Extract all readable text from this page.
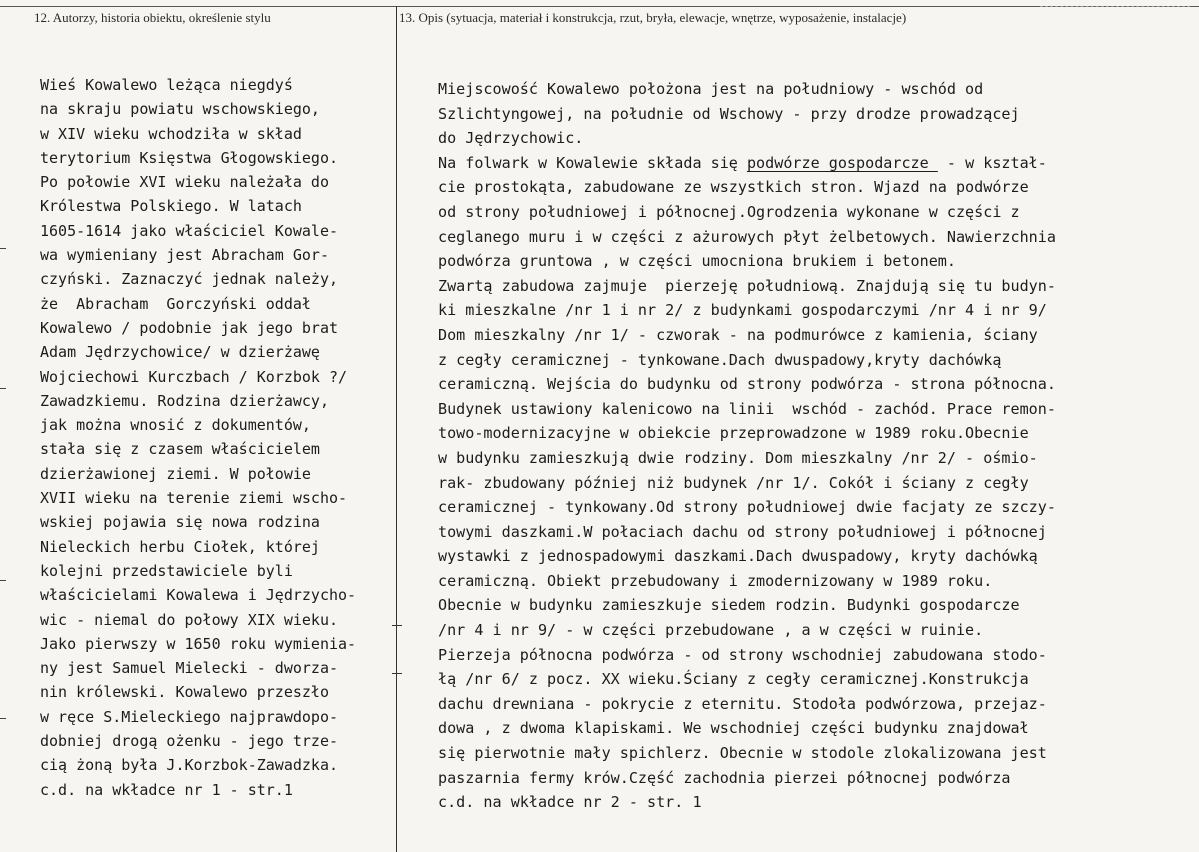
12. Autorzy, historia obiektu, określenie stylu	13. Opis (sytuacja, materiał i konstrukcja, rzut, bryła, elewacje, wnętrze, wyposażenie, instalacje)
Wieś Kowalewo leżąca niegdyś
na skraju powiatu wschowskiego,
w XIV wieku wchodziła w skład
terytorium Księstwa Głogowskiego.
Po połowie XVI wieku należała do
Królestwa Polskiego. W latach
1605-1614 jako właściciel Kowale-
wa wymieniany jest Abracham Gor-
czyński. Zaznaczyć jednak należy,
że  Abracham  Gorczyński oddał
Kowalewo / podobnie jak jego brat
Adam Jędrzychowice/ w dzierżawę
Wojciechowi Kurczbach / Korzbok ?/
Zawadzkiemu. Rodzina dzierżawcy,
jak można wnosić z dokumentów,
stała się z czasem właścicielem
dzierżawionej ziemi. W połowie
XVII wieku na terenie ziemi wscho-
wskiej pojawia się nowa rodzina
Nieleckich herbu Ciołek, której
kolejni przedstawiciele byli
właścicielami Kowalewa i Jędrzycho-
wic - niemal do połowy XIX wieku.
Jako pierwszy w 1650 roku wymienia-
ny jest Samuel Mielecki - dworza-
nin królewski. Kowalewo przeszło
w ręce S.Mieleckiego najprawdopo-
dobniej drogą ożenku - jego trze-
cią żoną była J.Korzbok-Zawadzka.
c.d. na wkładce nr 1 - str.1
Miejscowość Kowalewo położona jest na południowy - wschód od
Szlichtyngowej, na południe od Wschowy - przy drodze prowadzącej
do Jędrzychowic.
Na folwark w Kowalewie składa się podwórze gospodarcze  - w kształ-
cie prostokąta, zabudowane ze wszystkich stron. Wjazd na podwórze
od strony południowej i północnej.Ogrodzenia wykonane w części z
ceglanego muru i w części z ażurowych płyt żelbetowych. Nawierzchnia
podwórza gruntowa , w części umocniona brukiem i betonem.
Zwartą zabudowa zajmuje  pierzeję południową. Znajdują się tu budyn-
ki mieszkalne /nr 1 i nr 2/ z budynkami gospodarczymi /nr 4 i nr 9/
Dom mieszkalny /nr 1/ - czworak - na podmurówce z kamienia, ściany
z cegły ceramicznej - tynkowane.Dach dwuspadowy,kryty dachówką
ceramiczną. Wejścia do budynku od strony podwórza - strona północna.
Budynek ustawiony kalenicowo na linii  wschód - zachód. Prace remon-
towo-modernizacyjne w obiekcie przeprowadzone w 1989 roku.Obecnie
w budynku zamieszkują dwie rodziny. Dom mieszkalny /nr 2/ - ośmio-
rak- zbudowany później niż budynek /nr 1/. Cokół i ściany z cegły
ceramicznej - tynkowany.Od strony południowej dwie facjaty ze szczy-
towymi daszkami.W połaciach dachu od strony południowej i północnej
wystawki z jednospadowymi daszkami.Dach dwuspadowy, kryty dachówką
ceramiczną. Obiekt przebudowany i zmodernizowany w 1989 roku.
Obecnie w budynku zamieszkuje siedem rodzin. Budynki gospodarcze
/nr 4 i nr 9/ - w części przebudowane , a w części w ruinie.
Pierzeja północna podwórza - od strony wschodniej zabudowana stodo-
łą /nr 6/ z pocz. XX wieku.Ściany z cegły ceramicznej.Konstrukcja
dachu drewniana - pokrycie z eternitu. Stodoła podwórzowa, przejaz-
dowa , z dwoma klapiskami. We wschodniej części budynku znajdował
się pierwotnie mały spichlerz. Obecnie w stodole zlokalizowana jest
paszarnia fermy krów.Część zachodnia pierzei północnej podwórza
c.d. na wkładce nr 2 - str. 1
